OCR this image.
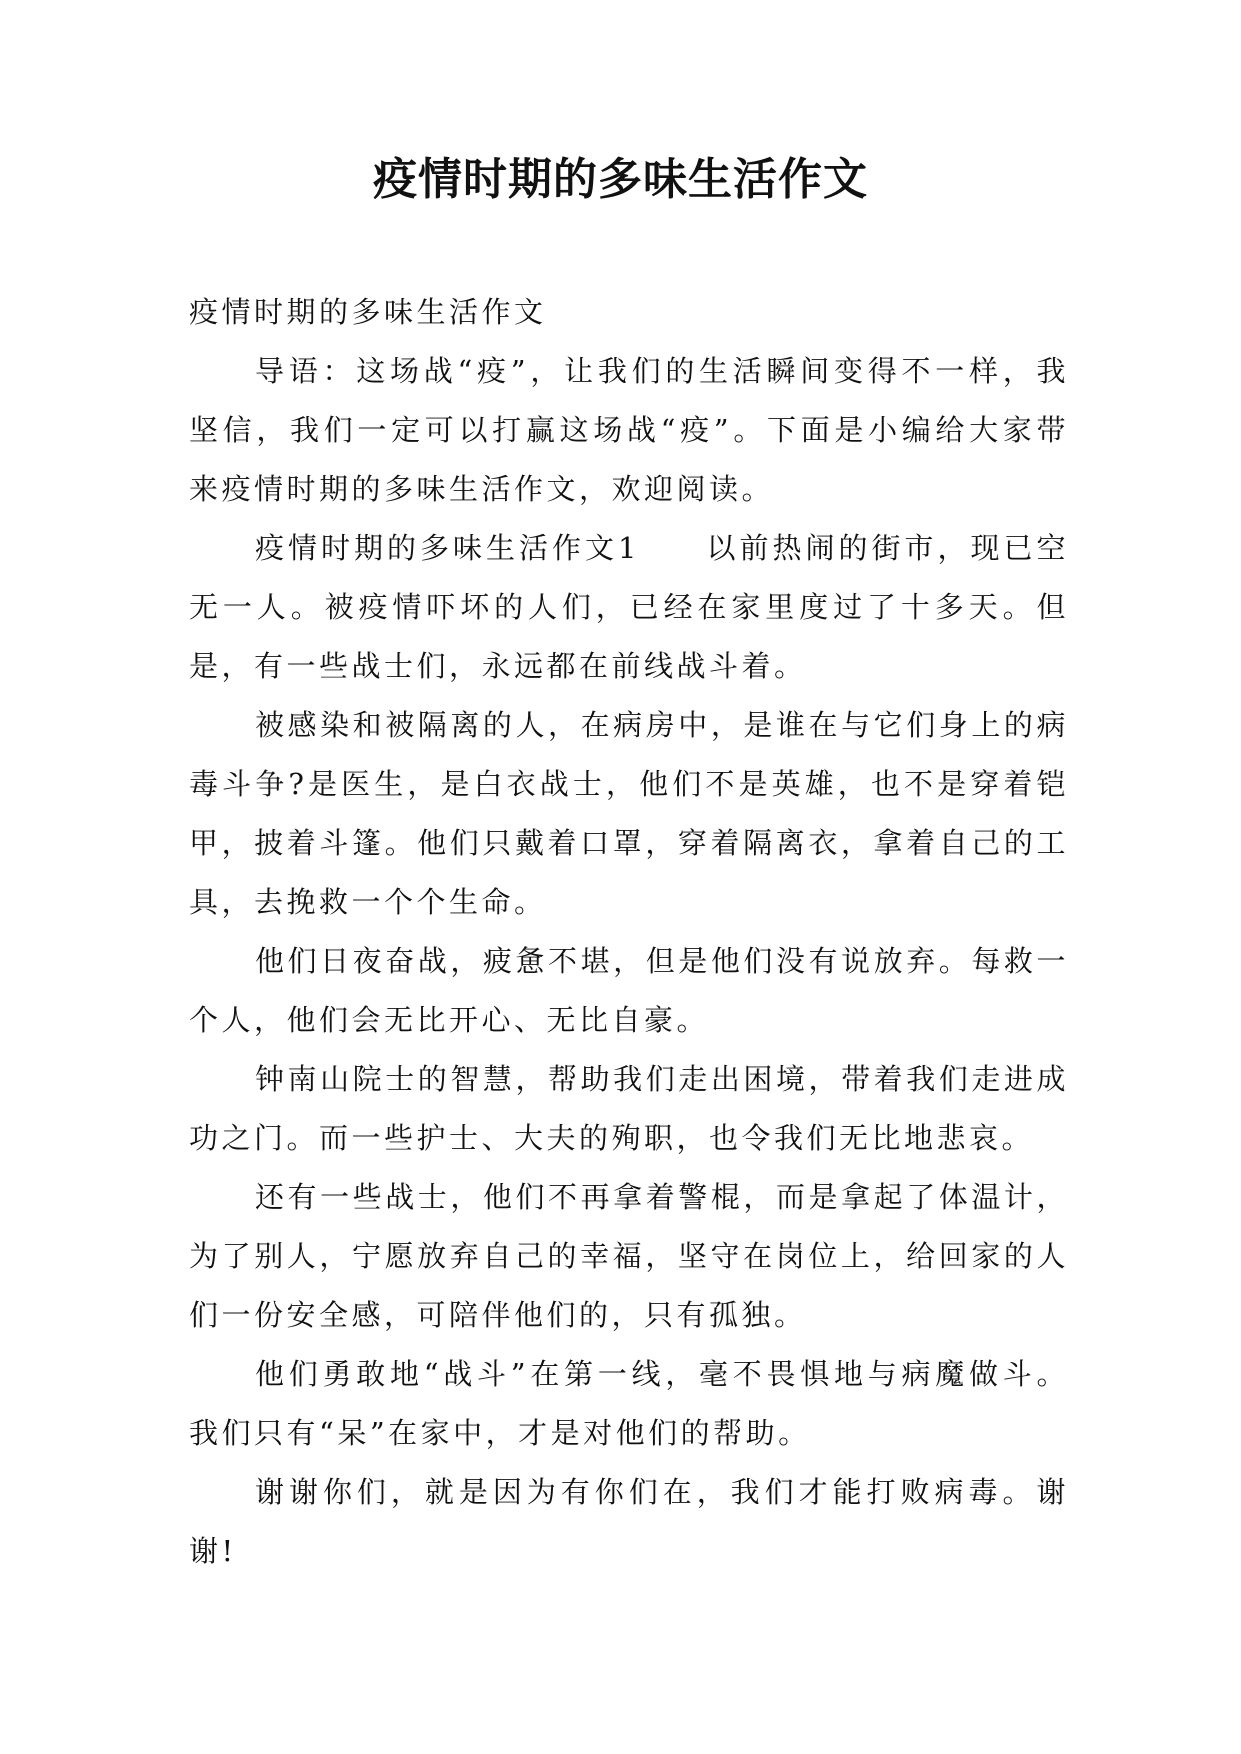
疫情时期的多味生活作文

疫情时期的多味生活作文

导语：这场战“疫”，让我们的生活瞬间变得不一样，我坚信，我们一定可以打赢这场战“疫”。下面是小编给大家带来疫情时期的多味生活作文，欢迎阅读。

疫情时期的多味生活作文1　　以前热闹的街市，现已空无一人。被疫情吓坏的人们，已经在家里度过了十多天。但是，有一些战士们，永远都在前线战斗着。

被感染和被隔离的人，在病房中，是谁在与它们身上的病毒斗争?是医生，是白衣战士，他们不是英雄，也不是穿着铠甲，披着斗篷。他们只戴着口罩，穿着隔离衣，拿着自己的工具，去挽救一个个生命。

他们日夜奋战，疲惫不堪，但是他们没有说放弃。每救一个人，他们会无比开心、无比自豪。

钟南山院士的智慧，帮助我们走出困境，带着我们走进成功之门。而一些护士、大夫的殉职，也令我们无比地悲哀。

还有一些战士，他们不再拿着警棍，而是拿起了体温计，为了别人，宁愿放弃自己的幸福，坚守在岗位上，给回家的人们一份安全感，可陪伴他们的，只有孤独。

他们勇敢地“战斗”在第一线，毫不畏惧地与病魔做斗。我们只有“呆”在家中，才是对他们的帮助。

谢谢你们，就是因为有你们在，我们才能打败病毒。谢谢!
